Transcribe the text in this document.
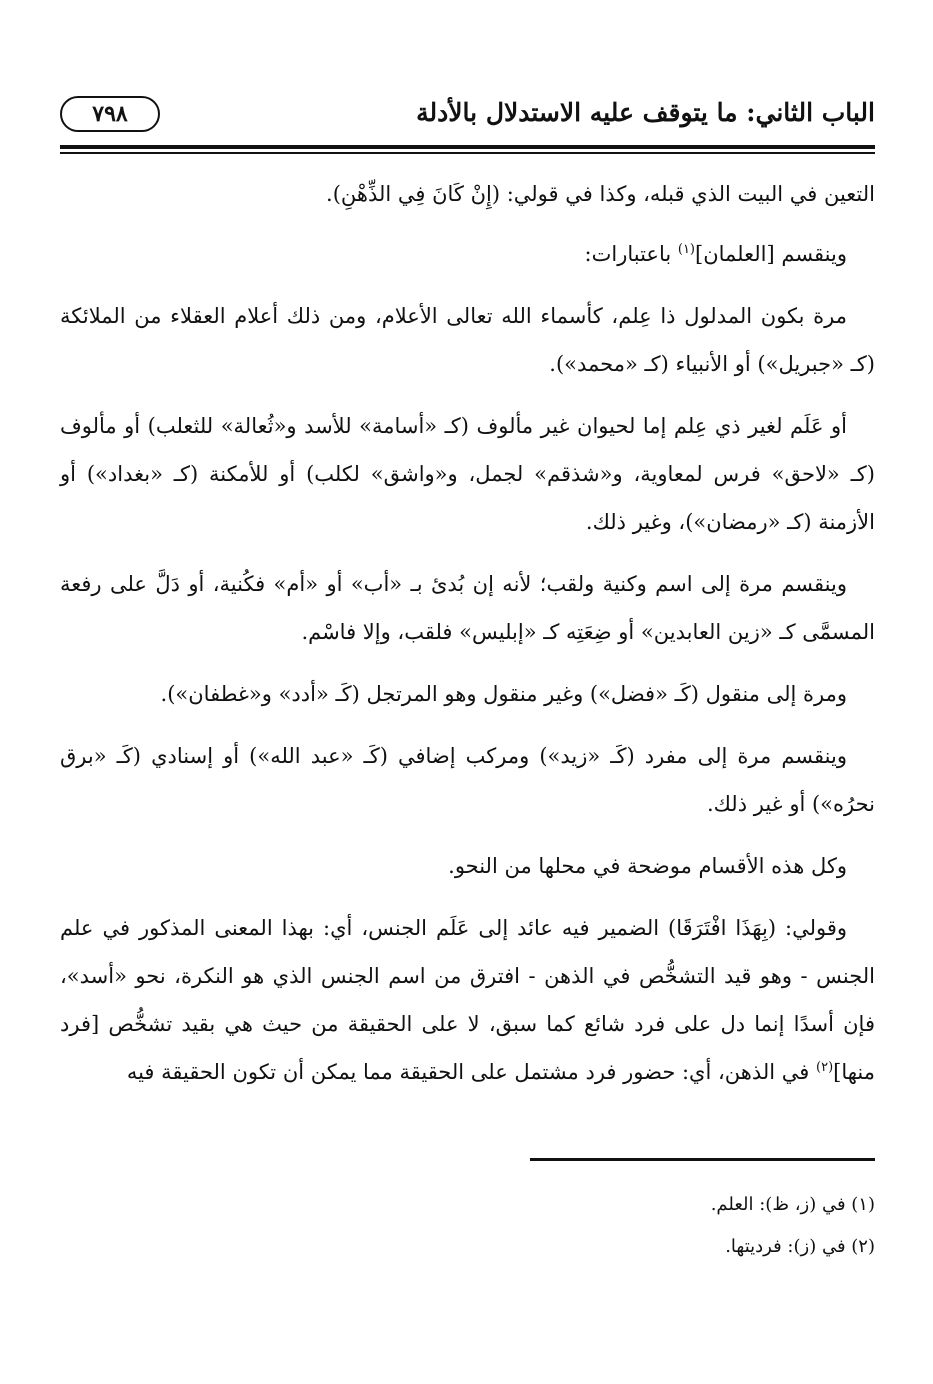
الباب الثاني: ما يتوقف عليه الاستدلال بالأدلة
٧٩٨

التعين في البيت الذي قبله، وكذا في قولي: (إِنْ كَانَ فِي الذِّهْنِ).

وينقسم [العلمان]$^{(١)}$ باعتبارات:

مرة بكون المدلول ذا عِلم، كأسماء الله تعالى الأعلام، ومن ذلك أعلام العقلاء من الملائكة (كـ «جبريل») أو الأنبياء (كـ «محمد»).

أو عَلَم لغير ذي عِلم إما لحيوان غير مألوف (كـ «أسامة» للأسد و«ثُعالة» للثعلب) أو مألوف (كـ «لاحق» فرس لمعاوية، و«شذقم» لجمل، و«واشق» لكلب) أو للأمكنة (كـ «بغداد») أو الأزمنة (كـ «رمضان»)، وغير ذلك.

وينقسم مرة إلى اسم وكنية ولقب؛ لأنه إن بُدئ بـ «أب» أو «أم» فكُنية، أو دَلَّ على رفعة المسمَّى كـ «زين العابدين» أو ضِعَتِه كـ «إبليس» فلقب، وإلا فاسْم.

ومرة إلى منقول (كَـ «فضل») وغير منقول وهو المرتجل (كَـ «أدد» و«غطفان»).

وينقسم مرة إلى مفرد (كَـ «زيد») ومركب إضافي (كَـ «عبد الله») أو إسنادي (كَـ «برق نحرُه») أو غير ذلك.

وكل هذه الأقسام موضحة في محلها من النحو.

وقولي: (بِهَذَا افْتَرَقَا) الضمير فيه عائد إلى عَلَم الجنس، أي: بهذا المعنى المذكور في علم الجنس - وهو قيد التشخُّص في الذهن - افترق من اسم الجنس الذي هو النكرة، نحو «أسد»، فإن أسدًا إنما دل على فرد شائع كما سبق، لا على الحقيقة من حيث هي بقيد تشخُّص [فرد منها]$^{(٢)}$ في الذهن، أي: حضور فرد مشتمل على الحقيقة مما يمكن أن تكون الحقيقة فيه

(١) في (ز، ظ): العلم.

(٢) في (ز): فرديتها.
